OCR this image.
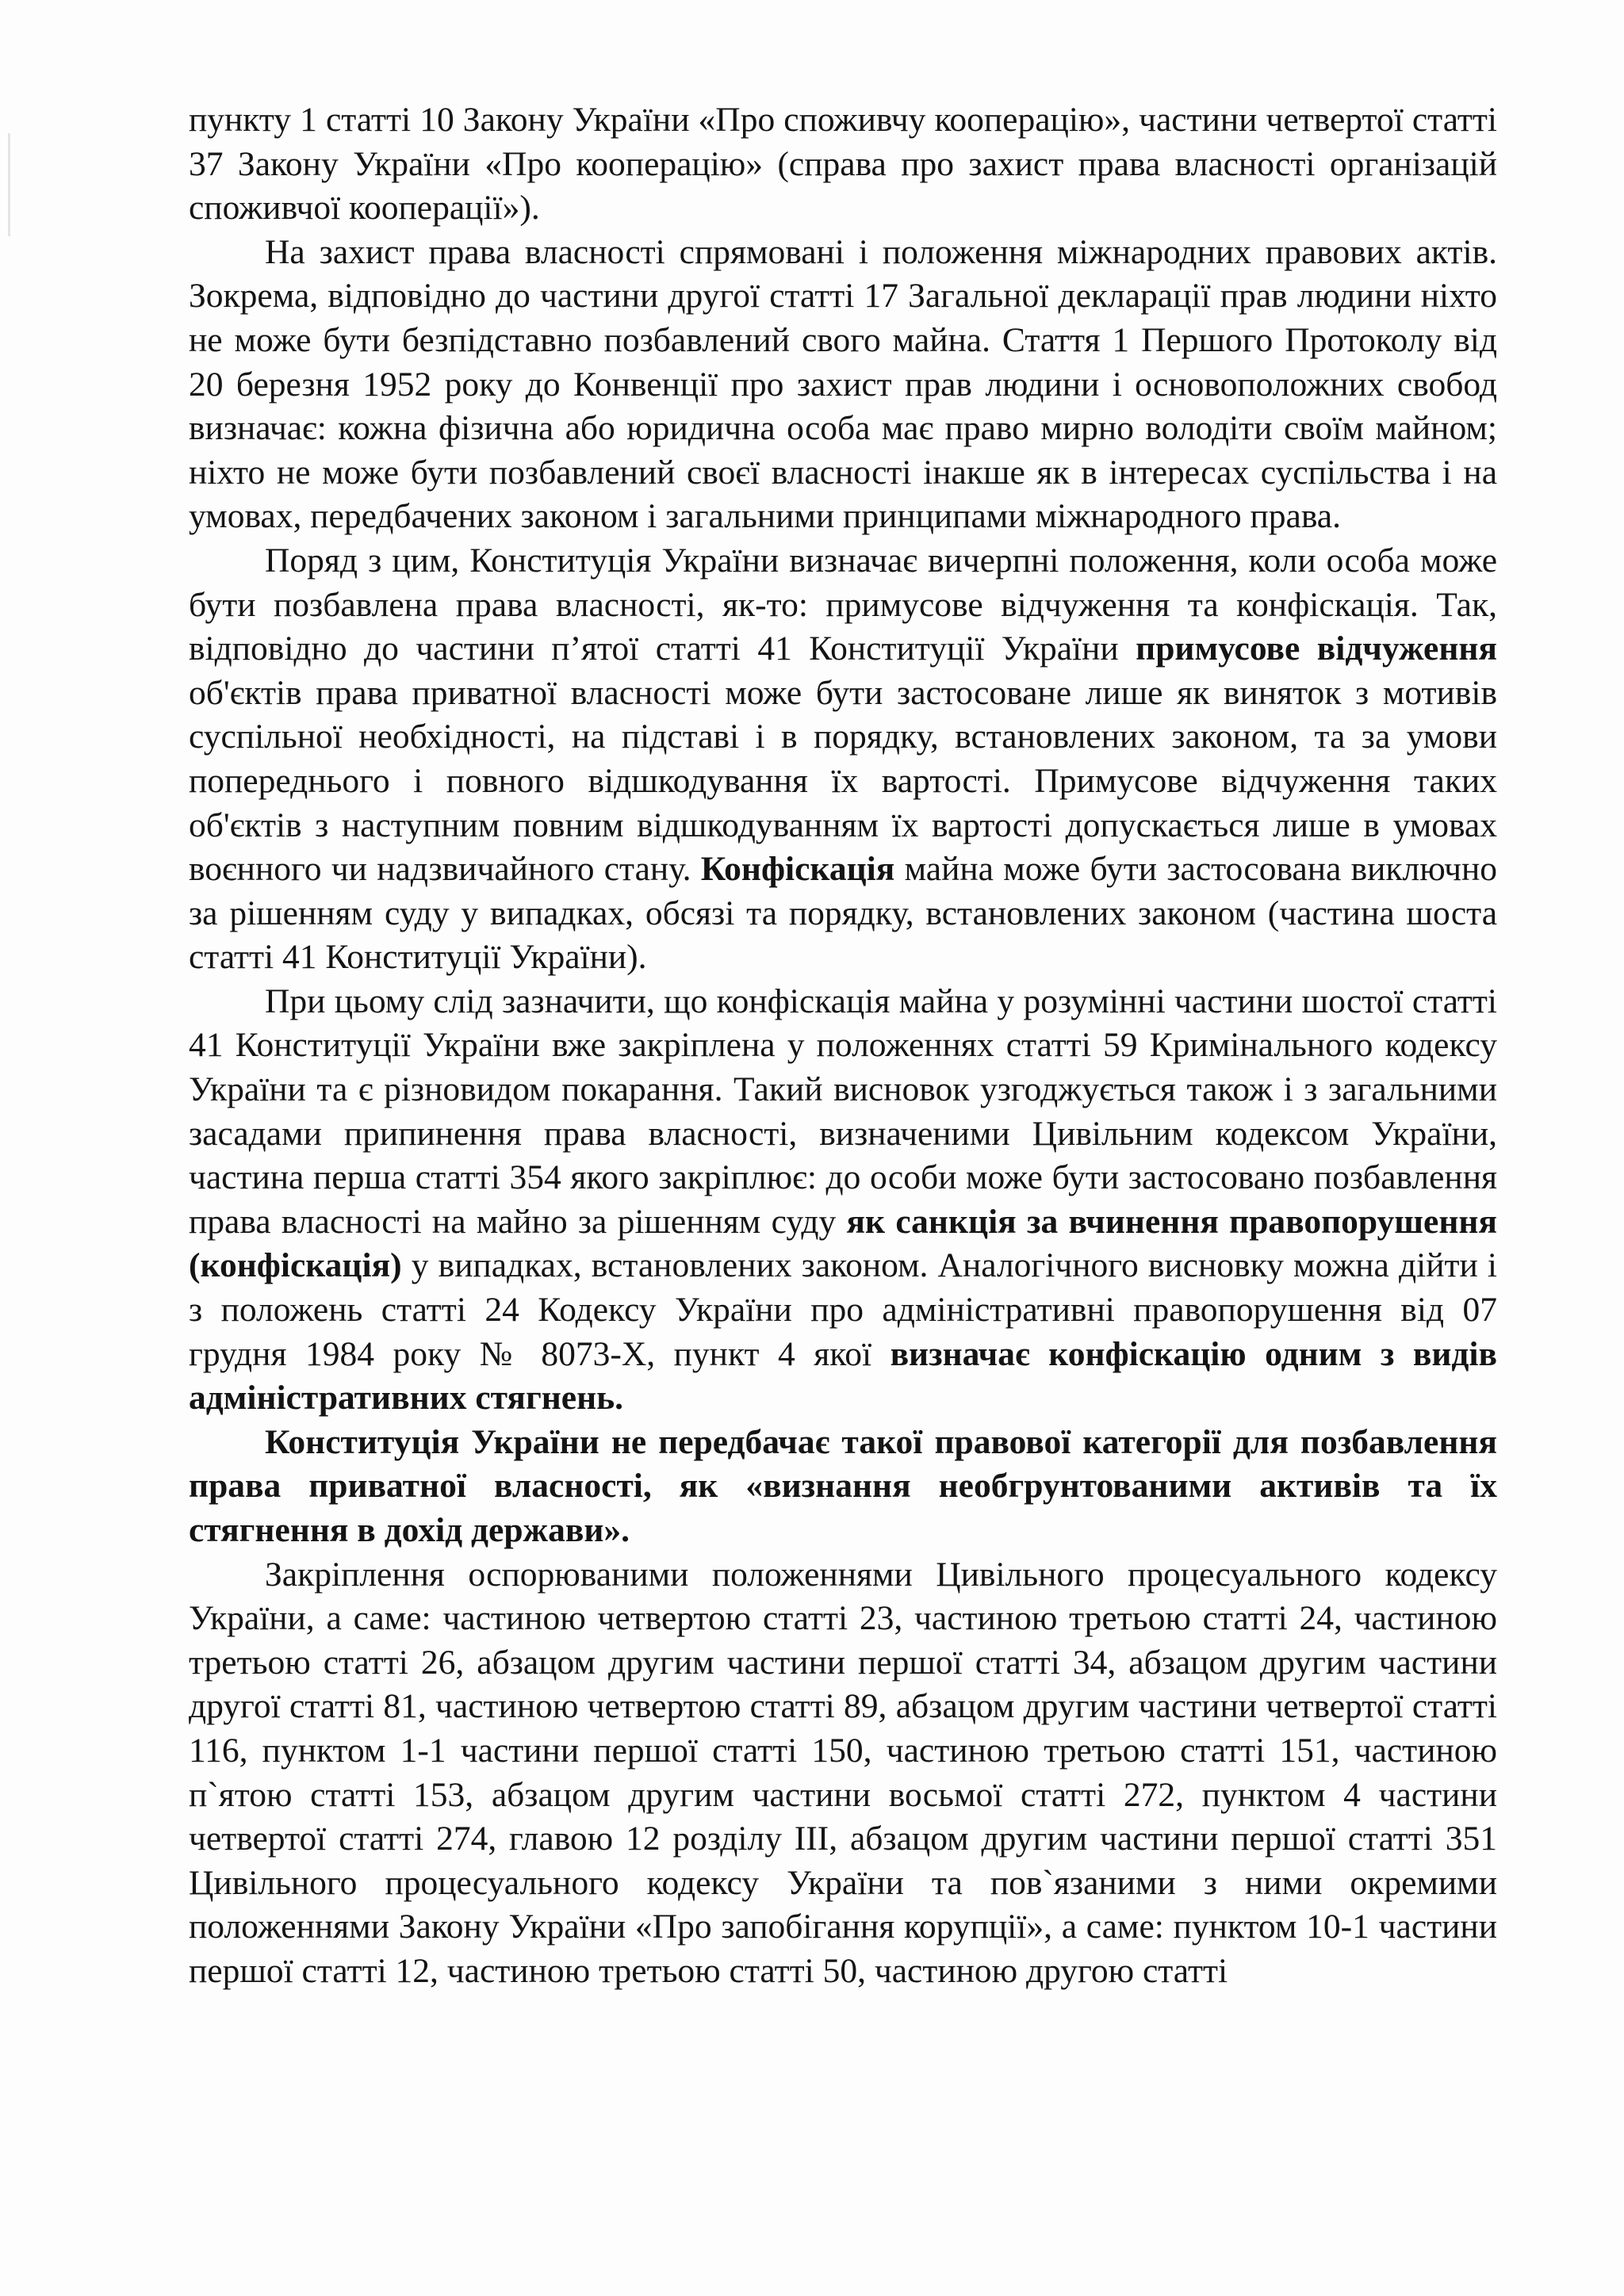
пункту 1 статті 10 Закону України «Про споживчу кооперацію», частини четвертої статті 37 Закону України «Про кооперацію» (справа про захист права власності організацій споживчої кооперації»).

На захист права власності спрямовані і положення міжнародних правових актів. Зокрема, відповідно до частини другої статті 17 Загальної декларації прав людини ніхто не може бути безпідставно позбавлений свого майна. Стаття 1 Першого Протоколу від 20 березня 1952 року до Конвенції про захист прав людини і основоположних свобод визначає: кожна фізична або юридична особа має право мирно володіти своїм майном; ніхто не може бути позбавлений своєї власності інакше як в інтересах суспільства і на умовах, передбачених законом і загальними принципами міжнародного права.

Поряд з цим, Конституція України визначає вичерпні положення, коли особа може бути позбавлена права власності, як-то: примусове відчуження та конфіскація. Так, відповідно до частини п’ятої статті 41 Конституції України примусове відчуження об'єктів права приватної власності може бути застосоване лише як виняток з мотивів суспільної необхідності, на підставі і в порядку, встановлених законом, та за умови попереднього і повного відшкодування їх вартості. Примусове відчуження таких об'єктів з наступним повним відшкодуванням їх вартості допускається лише в умовах воєнного чи надзвичайного стану. Конфіскація майна може бути застосована виключно за рішенням суду у випадках, обсязі та порядку, встановлених законом (частина шоста статті 41 Конституції України).

При цьому слід зазначити, що конфіскація майна у розумінні частини шостої статті 41 Конституції України вже закріплена у положеннях статті 59 Кримінального кодексу України та є різновидом покарання. Такий висновок узгоджується також і з загальними засадами припинення права власності, визначеними Цивільним кодексом України, частина перша статті 354 якого закріплює: до особи може бути застосовано позбавлення права власності на майно за рішенням суду як санкція за вчинення правопорушення (конфіскація) у випадках, встановлених законом. Аналогічного висновку можна дійти і з положень статті 24 Кодексу України про адміністративні правопорушення від 07 грудня 1984 року № 8073-X, пункт 4 якої визначає конфіскацію одним з видів адміністративних стягнень.

Конституція України не передбачає такої правової категорії для позбавлення права приватної власності, як «визнання необгрунтованими активів та їх стягнення в дохід держави».

Закріплення оспорюваними положеннями Цивільного процесуального кодексу України, а саме: частиною четвертою статті 23, частиною третьою статті 24, частиною третьою статті 26, абзацом другим частини першої статті 34, абзацом другим частини другої статті 81, частиною четвертою статті 89, абзацом другим частини четвертої статті 116, пунктом 1-1 частини першої статті 150, частиною третьою статті 151, частиною п`ятою статті 153, абзацом другим частини восьмої статті 272, пунктом 4 частини четвертої статті 274, главою 12 розділу III, абзацом другим частини першої статті 351 Цивільного процесуального кодексу України та пов`язаними з ними окремими положеннями Закону України «Про запобігання корупції», а саме: пунктом 10-1 частини першої статті 12, частиною третьою статті 50, частиною другою статті
